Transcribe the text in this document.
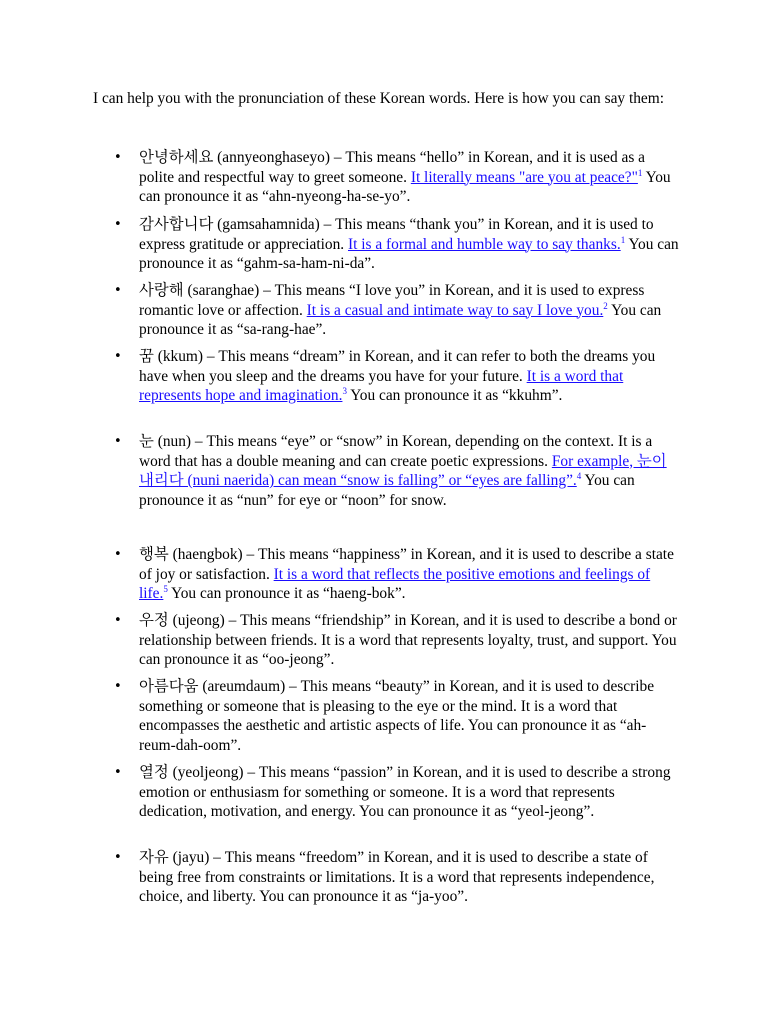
I can help you with the pronunciation of these Korean words. Here is how you can say them:

• 안녕하세요 (annyeonghaseyo) – This means “hello” in Korean, and it is used as a polite and respectful way to greet someone. It literally means "are you at peace?"$^1$ You can pronounce it as “ahn-nyeong-ha-se-yo”.
• 감사합니다 (gamsahamnida) – This means “thank you” in Korean, and it is used to express gratitude or appreciation. It is a formal and humble way to say thanks.$^1$ You can pronounce it as “gahm-sa-ham-ni-da”.
• 사랑해 (saranghae) – This means “I love you” in Korean, and it is used to express romantic love or affection. It is a casual and intimate way to say I love you.$^2$ You can pronounce it as “sa-rang-hae”.
• 꿈 (kkum) – This means “dream” in Korean, and it can refer to both the dreams you have when you sleep and the dreams you have for your future. It is a word that represents hope and imagination.$^3$ You can pronounce it as “kkuhm”.
• 눈 (nun) – This means “eye” or “snow” in Korean, depending on the context. It is a word that has a double meaning and can create poetic expressions. For example, 눈이 내리다 (nuni naerida) can mean “snow is falling” or “eyes are falling”.$^4$ You can pronounce it as “nun” for eye or “noon” for snow.
• 행복 (haengbok) – This means “happiness” in Korean, and it is used to describe a state of joy or satisfaction. It is a word that reflects the positive emotions and feelings of life.$^5$ You can pronounce it as “haeng-bok”.
• 우정 (ujeong) – This means “friendship” in Korean, and it is used to describe a bond or relationship between friends. It is a word that represents loyalty, trust, and support. You can pronounce it as “oo-jeong”.
• 아름다움 (areumdaum) – This means “beauty” in Korean, and it is used to describe something or someone that is pleasing to the eye or the mind. It is a word that encompasses the aesthetic and artistic aspects of life. You can pronounce it as “ah-reum-dah-oom”.
• 열정 (yeoljeong) – This means “passion” in Korean, and it is used to describe a strong emotion or enthusiasm for something or someone. It is a word that represents dedication, motivation, and energy. You can pronounce it as “yeol-jeong”.
• 자유 (jayu) – This means “freedom” in Korean, and it is used to describe a state of being free from constraints or limitations. It is a word that represents independence, choice, and liberty. You can pronounce it as “ja-yoo”.
